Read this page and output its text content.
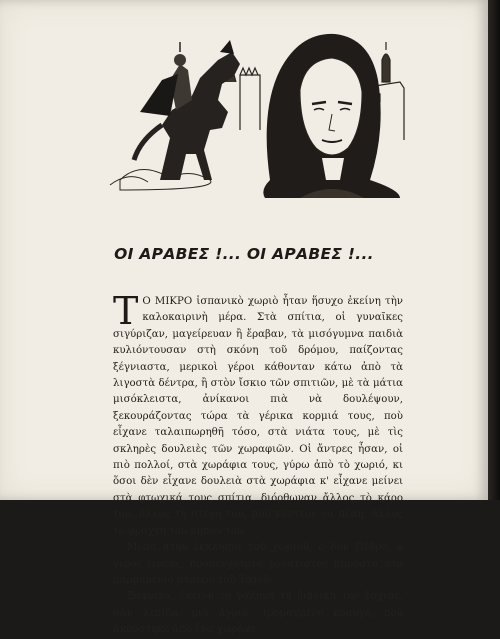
ΟΙ ΑΡΑΒΕΣ !... ΟΙ ΑΡΑΒΕΣ !...

Τ Ο ΜΙΚΡΟ ἱσπανικὸ χωριὸ ἦταν ἥσυχο ἐκείνη τὴν καλοκαιρινὴ μέρα. Στὰ σπίτια, οἱ γυναῖκες σιγύριζαν, μαγείρευαν ἢ ἔραβαν, τὰ μισόγυμνα παιδιὰ κυλιόντουσαν στὴ σκόνη τοῦ δρόμου, παίζοντας ξέγνιαστα, μερικοὶ γέροι κάθονταν κάτω ἀπὸ τὰ λιγοστὰ δέντρα, ἢ στὸν ἴσκιο τῶν σπιτιῶν, μὲ τὰ μάτια μισόκλειστα, ἀνίκανοι πιὰ νὰ δουλέψουν, ξεκουράζοντας τώρα τὰ γέρικα κορμιά τους, ποὺ εἶχανε ταλαιπωρηθῆ τόσο, στὰ νιάτα τους, μὲ τὶς σκληρὲς δουλειὲς τῶν χωραφιῶν. Οἱ ἄντρες ἦσαν, οἱ πιὸ πολλοί, στὰ χωράφια τους, γύρω ἀπὸ τὸ χωριό, κι ὅσοι δὲν εἶχανε δουλειὰ στὰ χωράφια κ' εἶχανε μείνει στὰ φτωχικά τους σπίτια, διόρθωναν ἄλλος τὸ κάρο του, ἄλλος τὴ στέγη του, ποὺ κόντευε νὰ πέση, ἄλλος τὸ φράχτη τοῦ κήπου του.

Μέσα στὴν ἐκκλησία τοῦ χωριοῦ, ὁ δὸν Πέδρο, ὁ γέρος ἱερέας, προσευχότανε γονατιστὸς μπροστὰ στὸ μαρμαρένιο σταυρὸ τοῦ Ἰησοῦ.

Ξαφνικά, ἐκείνη τὴ γαλήνη τὴ βιβλικὴ τὴν ἔσχισε, σὰν λεπίδα, μιὰ ἄγρια, τρομαγμένη κραυγή, ποὺ ἀκούστηκε ἀπὸ ἕνα χωράφι
